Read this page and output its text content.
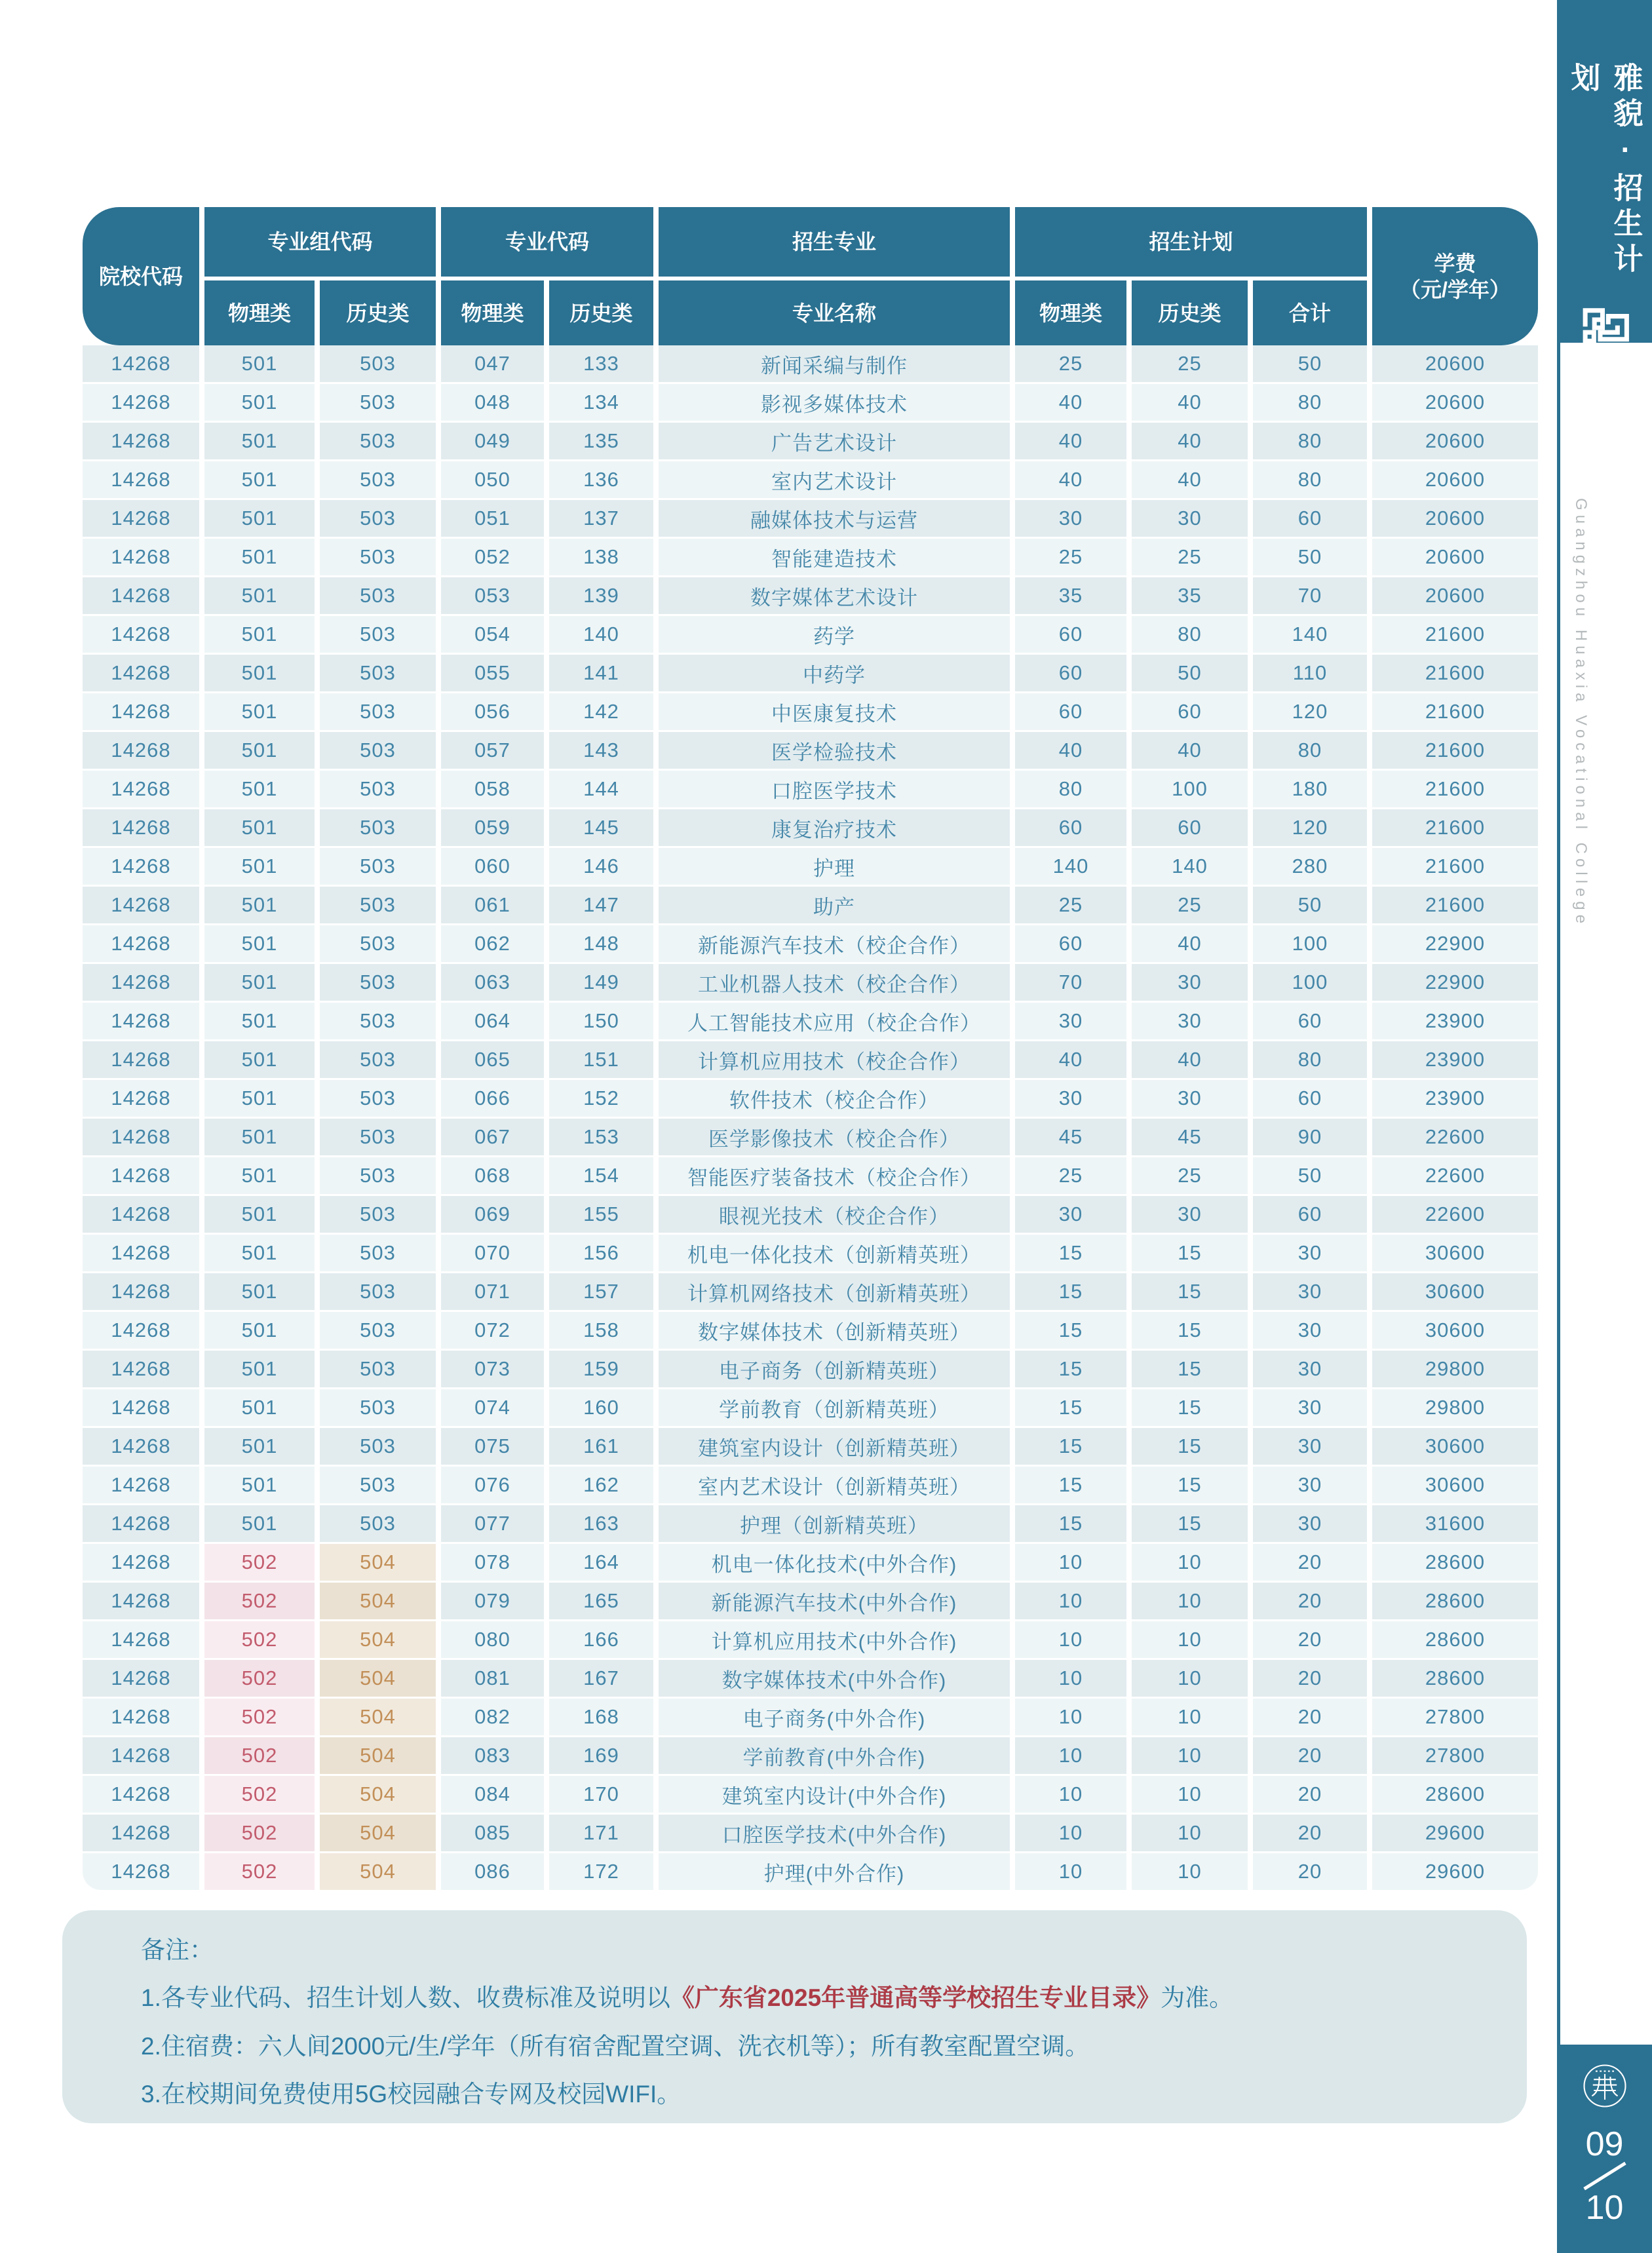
院校代码
专业组代码	专业代码	招生专业	招生计划
学费
（元/学年）
物理类	历史类	物理类	历史类	专业名称	物理类	历史类	合计
14268	501	503	047	133	新闻采编与制作	25	25	50	20600
14268	501	503	048	134	影视多媒体技术	40	40	80	20600
14268	501	503	049	135	广告艺术设计	40	40	80	20600
14268	501	503	050	136	室内艺术设计	40	40	80	20600
14268	501	503	051	137	融媒体技术与运营	30	30	60	20600
14268	501	503	052	138	智能建造技术	25	25	50	20600
14268	501	503	053	139	数字媒体艺术设计	35	35	70	20600
14268	501	503	054	140	药学	60	80	140	21600
14268	501	503	055	141	中药学	60	50	110	21600
14268	501	503	056	142	中医康复技术	60	60	120	21600
14268	501	503	057	143	医学检验技术	40	40	80	21600
14268	501	503	058	144	口腔医学技术	80	100	180	21600
14268	501	503	059	145	康复治疗技术	60	60	120	21600
14268	501	503	060	146	护理	140	140	280	21600
14268	501	503	061	147	助产	25	25	50	21600
14268	501	503	062	148	新能源汽车技术（校企合作）	60	40	100	22900
14268	501	503	063	149	工业机器人技术（校企合作）	70	30	100	22900
14268	501	503	064	150	人工智能技术应用（校企合作）	30	30	60	23900
14268	501	503	065	151	计算机应用技术（校企合作）	40	40	80	23900
14268	501	503	066	152	软件技术（校企合作）	30	30	60	23900
14268	501	503	067	153	医学影像技术（校企合作）	45	45	90	22600
14268	501	503	068	154	智能医疗装备技术（校企合作）	25	25	50	22600
14268	501	503	069	155	眼视光技术（校企合作）	30	30	60	22600
14268	501	503	070	156	机电一体化技术（创新精英班）	15	15	30	30600
14268	501	503	071	157	计算机网络技术（创新精英班）	15	15	30	30600
14268	501	503	072	158	数字媒体技术（创新精英班）	15	15	30	30600
14268	501	503	073	159	电子商务（创新精英班）	15	15	30	29800
14268	501	503	074	160	学前教育（创新精英班）	15	15	30	29800
14268	501	503	075	161	建筑室内设计（创新精英班）	15	15	30	30600
14268	501	503	076	162	室内艺术设计（创新精英班）	15	15	30	30600
14268	501	503	077	163	护理（创新精英班）	15	15	30	31600
14268	502	504	078	164	机电一体化技术(中外合作)	10	10	20	28600
14268	502	504	079	165	新能源汽车技术(中外合作)	10	10	20	28600
14268	502	504	080	166	计算机应用技术(中外合作)	10	10	20	28600
14268	502	504	081	167	数字媒体技术(中外合作)	10	10	20	28600
14268	502	504	082	168	电子商务(中外合作)	10	10	20	27800
14268	502	504	083	169	学前教育(中外合作)	10	10	20	27800
14268	502	504	084	170	建筑室内设计(中外合作)	10	10	20	28600
14268	502	504	085	171	口腔医学技术(中外合作)	10	10	20	29600
14268	502	504	086	172	护理(中外合作)	10	10	20	29600

备注：

1.各专业代码、招生计划人数、收费标准及说明以《广东省2025年普通高等学校招生专业目录》为准。

2.住宿费：六人间2000元/生/学年（所有宿舍配置空调、洗衣机等）；所有教室配置空调。

3.在校期间免费使用5G校园融合专网及校园WIFI。

雅貌·招生计划
Guangzhou Huaxia Vocational College
09
10
